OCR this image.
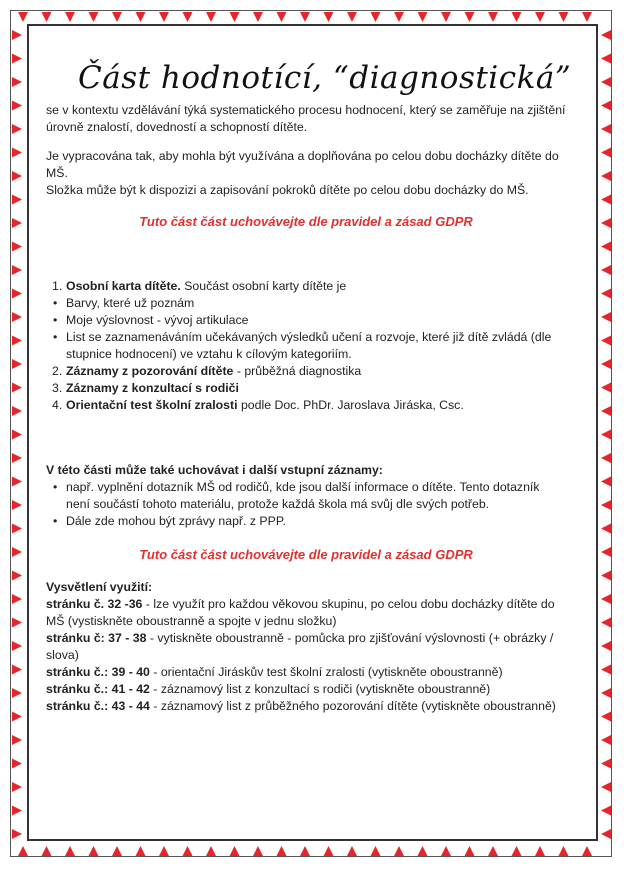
Část hodnotící, “diagnostická”

se v kontextu vzdělávání týká systematického procesu hodnocení, který se zaměřuje na zjištění úrovně znalostí, dovedností a schopností dítěte.

Je vypracována tak, aby mohla být využívána a doplňována po celou dobu docházky dítěte do MŠ.

Složka může být k dispozizi a zapisování pokroků dítěte po celou dobu docházky do MŠ.

Tuto část část uchovávejte dle pravidel a zásad GDPR

1. Osobní karta dítěte. Součást osobní karty dítěte je
• Barvy, které už poznám
• Moje výslovnost - vývoj artikulace
• List se zaznamenáváním učekávaných výsledků učení a rozvoje, které již dítě zvládá (dle stupnice hodnocení) ve vztahu k cílovým kategoriím.
2. Záznamy z pozorování dítěte - průběžná diagnostika
3. Záznamy z konzultací s rodiči
4. Orientační test školní zralosti podle Doc. PhDr. Jaroslava Jiráska, Csc.

V této části může také uchovávat i další vstupní záznamy:

• např. vyplnění dotazník MŠ od rodičů, kde jsou další informace o dítěte. Tento dotazník není součástí tohoto materiálu, protože každá škola má svůj dle svých potřeb.
• Dále zde mohou být zprávy např. z PPP.

Tuto část část uchovávejte dle pravidel a zásad GDPR

Vysvětlení využití:

stránku č. 32 -36 - lze využít pro každou věkovou skupinu, po celou dobu docházky dítěte do MŠ (vystiskněte oboustranně a spojte v jednu složku)

stránku č: 37 - 38 - vytiskněte oboustranně - pomůcka pro zjišťování výslovnosti (+ obrázky / slova)

stránku č.: 39 - 40 - orientační Jiráskův test školní zralosti (vytiskněte oboustranně)

stránku č.: 41 - 42 - záznamový list z konzultací s rodiči (vytiskněte oboustranně)

stránku č.: 43 - 44 - záznamový list z průběžného pozorování dítěte (vytiskněte oboustranně)
